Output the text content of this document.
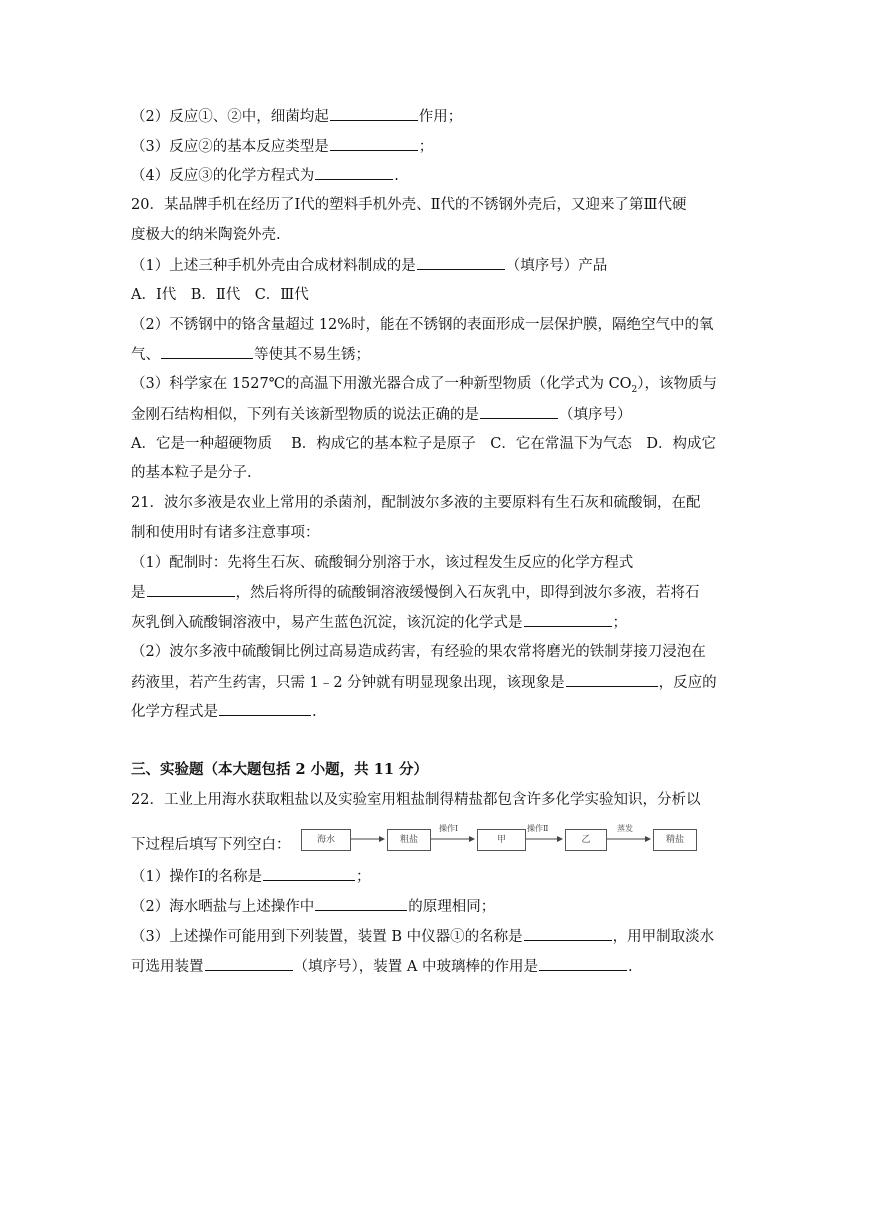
（2）反应①、②中，细菌均起	作用；
（3）反应②的基本反应类型是	；
（4）反应③的化学方程式为	.
20．某品牌手机在经历了Ⅰ代的塑料手机外壳、Ⅱ代的不锈钢外壳后，又迎来了第Ⅲ代硬
度极大的纳米陶瓷外壳.
（1）上述三种手机外壳由合成材料制成的是	（填序号）产品
A．Ⅰ代　B．Ⅱ代　C．Ⅲ代
（2）不锈钢中的铬含量超过 12%时，能在不锈钢的表面形成一层保护膜，隔绝空气中的氧
气、	等使其不易生锈；
（3）科学家在 1527℃的高温下用激光器合成了一种新型物质（化学式为 $CO_2$），该物质与
金刚石结构相似，下列有关该新型物质的说法正确的是	（填序号）
A．它是一种超硬物质　 B．构成它的基本粒子是原子　C．它在常温下为气态　D．构成它
的基本粒子是分子.
21．波尔多液是农业上常用的杀菌剂，配制波尔多液的主要原料有生石灰和硫酸铜，在配
制和使用时有诸多注意事项：
（1）配制时：先将生石灰、硫酸铜分别溶于水，该过程发生反应的化学方程式
是	，然后将所得的硫酸铜溶液缓慢倒入石灰乳中，即得到波尔多液，若将石
灰乳倒入硫酸铜溶液中，易产生蓝色沉淀，该沉淀的化学式是	；
（2）波尔多液中硫酸铜比例过高易造成药害，有经验的果农常将磨光的铁制芽接刀浸泡在
药液里，若产生药害，只需 1﹣2 分钟就有明显现象出现，该现象是	，反应的
化学方程式是	.
三、实验题（本大题包括 2 小题，共 11 分）
22．工业上用海水获取粗盐以及实验室用粗盐制得精盐都包含许多化学实验知识，分析以
下过程后填写下列空白：	海水	粗盐	甲	乙	精盐
操作Ⅰ	操作Ⅱ	蒸发
（1）操作Ⅰ的名称是	；
（2）海水晒盐与上述操作中	的原理相同；
（3）上述操作可能用到下列装置，装置 B 中仪器①的名称是	，用甲制取淡水
可选用装置	（填序号），装置 A 中玻璃棒的作用是	.
